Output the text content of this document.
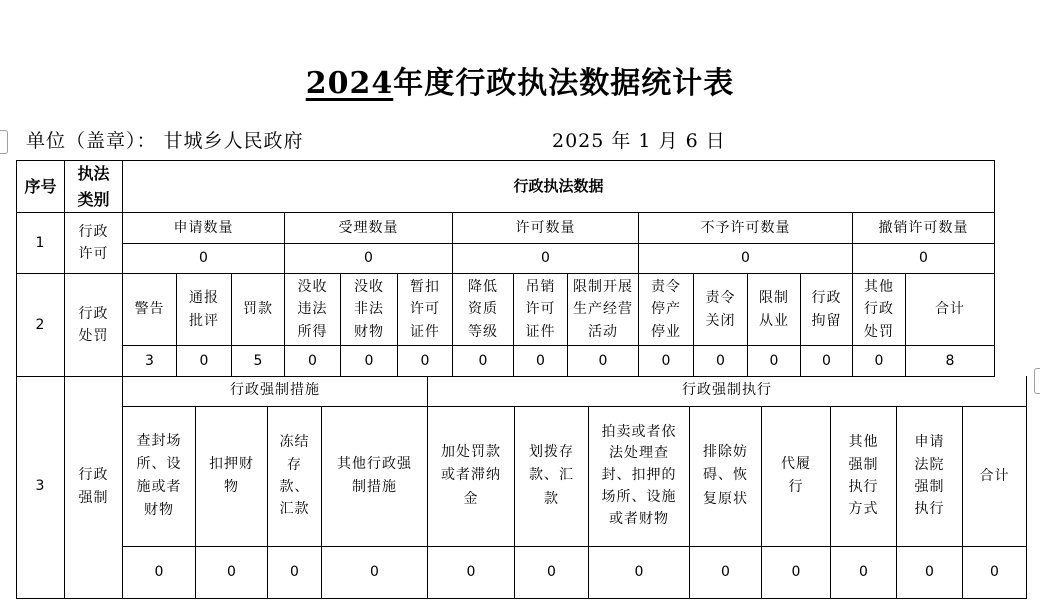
2024年度行政执法数据统计表
单位（盖章）： 甘城乡人民政府	2025 年 1 月 6 日
序号	执法类别	行政执法数据														
1	行政许可	申请数量			受理数量			许可数量			不予许可数量				撤销许可数量	
		0			0			0			0				0	
2	行政处罚	警告	通报批评	罚款	没收违法所得	没收非法财物	暂扣许可证件	降低资质等级	吊销许可证件	限制开展生产经营活动	责令停产停业	责令关闭	限制从业	行政拘留	其他行政处罚	合计
		3	0	5	0	0	0	0	0	0	0	0	0	0	0	8
3	行政强制	行政强制措施				行政强制执行							
		查封场所、设施或者财物	扣押财物	冻结存款、汇款	其他行政强制措施	加处罚款或者滞纳金	划拨存款、汇款	拍卖或者依法处理查封、扣押的场所、设施或者财物	排除妨碍、恢复原状	代履行	其他强制执行方式	申请法院强制执行	合计
		0	0	0	0	0	0	0	0	0	0	0	0
